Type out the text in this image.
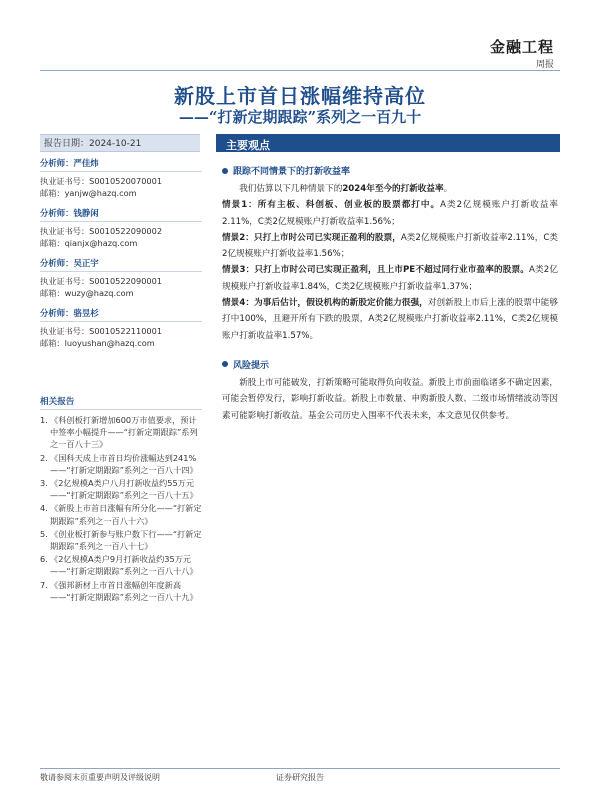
金融工程
周报
新股上市首日涨幅维持高位
——“打新定期跟踪”系列之一百九十
报告日期：2024-10-21	主要观点
分析师：严佳炜
执业证书号：S0010520070001
邮箱：yanjw@hazq.com
分析师：钱静闲
执业证书号：S0010522090002
邮箱：qianjx@hazq.com
分析师：吴正宇
执业证书号：S0010522090001
邮箱：wuzy@hazq.com
分析师：骆昱杉
执业证书号：S0010522110001
邮箱：luoyushan@hazq.com
相关报告
1. 《科创板打新增加600万市值要求，预计中签率小幅提升——“打新定期跟踪”系列之一百八十三》
2. 《国科天成上市首日均价涨幅达到241%——“打新定期跟踪”系列之一百八十四》
3. 《2亿规模A类户八月打新收益约55万元——“打新定期跟踪”系列之一百八十五》
4. 《新股上市首日涨幅有所分化——“打新定期跟踪”系列之一百八十六》
5. 《创业板打新参与账户数下行——“打新定期跟踪”系列之一百八十七》
6. 《2亿规模A类户9月打新收益约35万元——“打新定期跟踪”系列之一百八十八》
7. 《强邦新材上市首日涨幅创年度新高——“打新定期跟踪”系列之一百八十九》
跟踪不同情景下的打新收益率
我们估算以下几种情景下的2024年至今的打新收益率。
情景1：所有主板、科创板、创业板的股票都打中。A类2亿规模账户打新收益率2.11%，C类2亿规模账户打新收益率1.56%；
情景2：只打上市时公司已实现正盈利的股票，A类2亿规模账户打新收益率2.11%，C类2亿规模账户打新收益率1.56%；
情景3：只打上市时公司已实现正盈利，且上市PE不超过同行业市盈率的股票。A类2亿规模账户打新收益率1.84%，C类2亿规模账户打新收益率1.37%；
情景4：为事后估计，假设机构的新股定价能力很强，对创新股上市后上涨的股票中能够打中100%，且避开所有下跌的股票，A类2亿规模账户打新收益率2.11%，C类2亿规模账户打新收益率1.57%。
风险提示
新股上市可能破发，打新策略可能取得负向收益。新股上市前面临诸多不确定因素，可能会暂停发行，影响打新收益。新股上市数量、申购新股人数、二级市场情绪波动等因素可能影响打新收益。基金公司历史入围率不代表未来，本文意见仅供参考。
敬请参阅末页重要声明及评级说明	证券研究报告
